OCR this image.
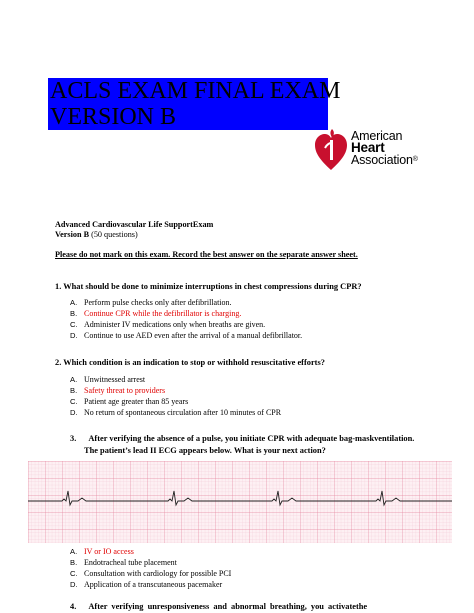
ACLS EXAM FINAL EXAM
VERSION B
American
Heart
Association®
Advanced Cardiovascular Life SupportExam
Version B (50 questions)
Please do not mark on this exam. Record the best answer on the separate answer sheet.
1. What should be done to minimize interruptions in chest compressions during CPR?
A. Perform pulse checks only after defibrillation.
B. Continue CPR while the defibrillator is charging.
C. Administer IV medications only when breaths are given.
D. Continue to use AED even after the arrival of a manual defibrillator.
2. Which condition is an indication to stop or withhold resuscitative efforts?
A. Unwitnessed arrest
B. Safety threat to providers
C. Patient age greater than 85 years
D. No return of spontaneous circulation after 10 minutes of CPR
3. After verifying the absence of a pulse, you initiate CPR with adequate bag-maskventilation.
The patient’s lead II ECG appears below. What is your next action?
A. IV or IO access
B. Endotracheal tube placement
C. Consultation with cardiology for possible PCI
D. Application of a transcutaneous pacemaker
4. After verifying unresponsiveness and abnormal breathing, you activatethe
